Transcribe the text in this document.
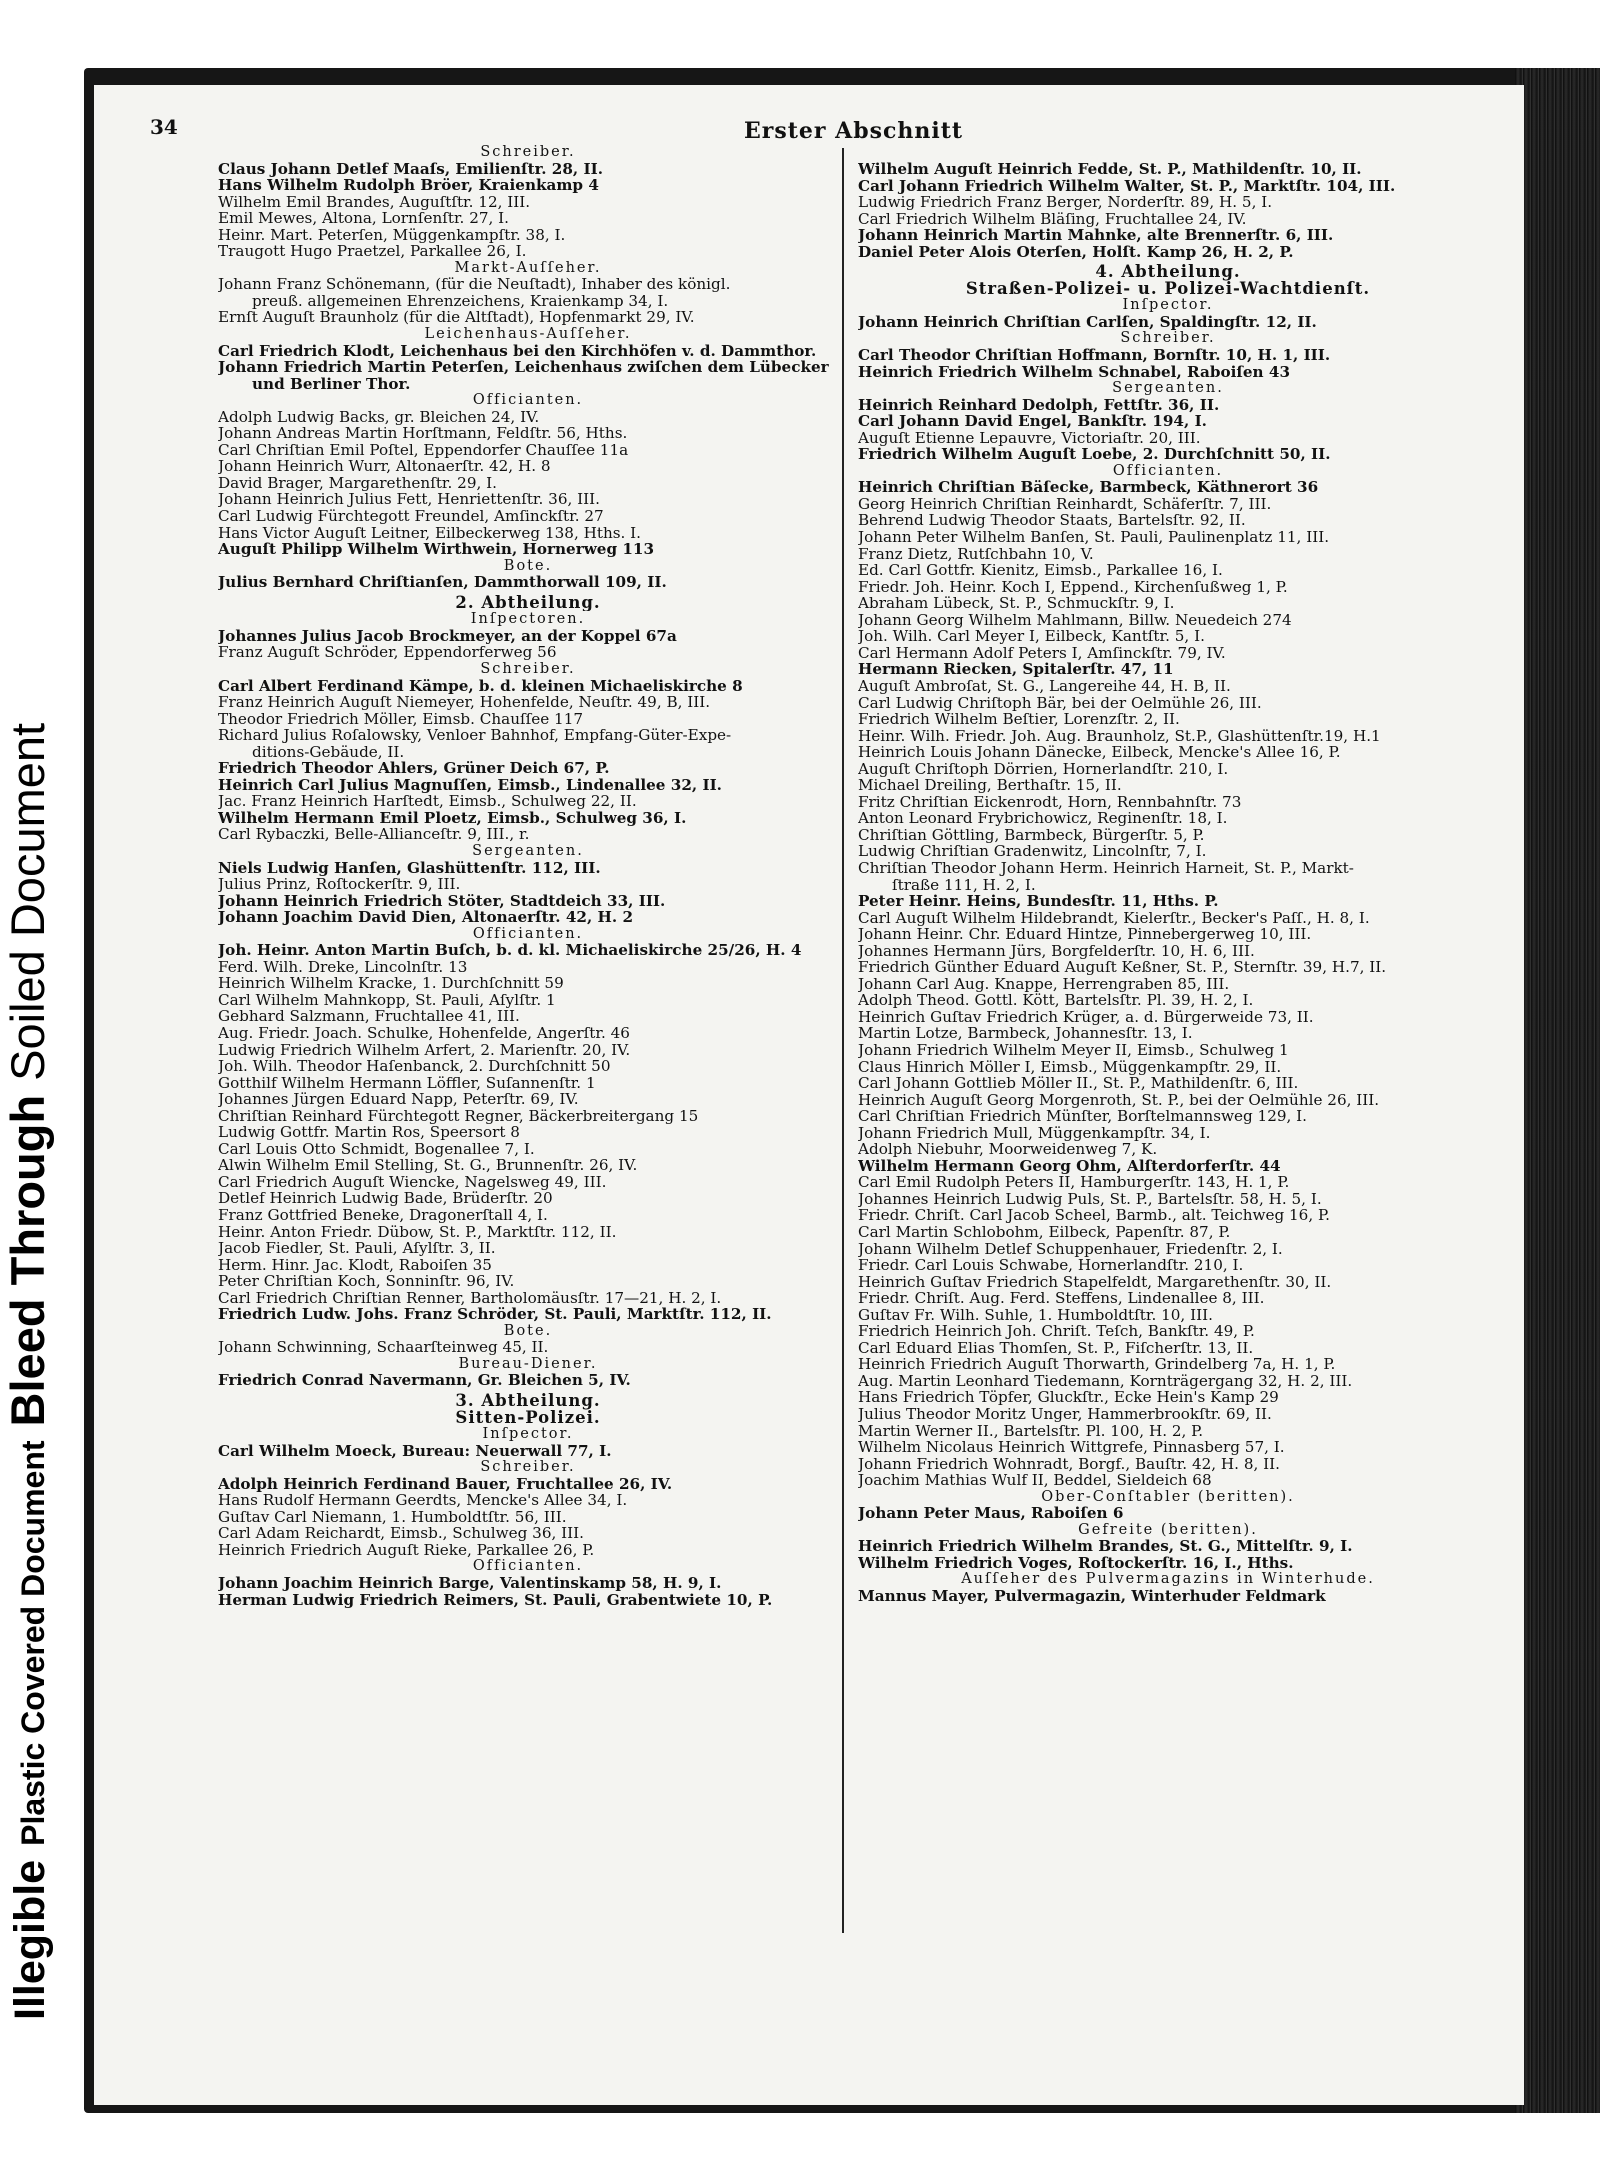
IllegiblePlastic Covered DocumentBleed ThroughSoiled Document
34	Erster Abschnitt
Schreiber.
Claus Johann Detlef Maaſs, Emilienſtr. 28, II.
Hans Wilhelm Rudolph Bröer, Kraienkamp 4
Wilhelm Emil Brandes, Auguſtſtr. 12, III.
Emil Mewes, Altona, Lornſenſtr. 27, I.
Heinr. Mart. Peterſen, Müggenkampſtr. 38, I.
Traugott Hugo Praetzel, Parkallee 26, I.
Markt-Auſſeher.
Johann Franz Schönemann, (für die Neuſtadt), Inhaber des königl.
preuß. allgemeinen Ehrenzeichens, Kraienkamp 34, I.
Ernſt Auguſt Braunholz (für die Altſtadt), Hopfenmarkt 29, IV.
Leichenhaus-Auſſeher.
Carl Friedrich Klodt, Leichenhaus bei den Kirchhöfen v. d. Dammthor.
Johann Friedrich Martin Peterſen, Leichenhaus zwiſchen dem Lübecker
und Berliner Thor.
Officianten.
Adolph Ludwig Backs, gr. Bleichen 24, IV.
Johann Andreas Martin Horſtmann, Feldſtr. 56, Hths.
Carl Chriſtian Emil Poſtel, Eppendorfer Chauſſee 11a
Johann Heinrich Wurr, Altonaerſtr. 42, H. 8
David Brager, Margarethenſtr. 29, I.
Johann Heinrich Julius Fett, Henriettenſtr. 36, III.
Carl Ludwig Fürchtegott Freundel, Amſinckſtr. 27
Hans Victor Auguſt Leitner, Eilbeckerweg 138, Hths. I.
Auguſt Philipp Wilhelm Wirthwein, Hornerweg 113
Bote.
Julius Bernhard Chriſtianſen, Dammthorwall 109, II.
2. Abtheilung.
Inſpectoren.
Johannes Julius Jacob Brockmeyer, an der Koppel 67a
Franz Auguſt Schröder, Eppendorferweg 56
Schreiber.
Carl Albert Ferdinand Kämpe, b. d. kleinen Michaeliskirche 8
Franz Heinrich Auguſt Niemeyer, Hohenfelde, Neuſtr. 49, B, III.
Theodor Friedrich Möller, Eimsb. Chauſſee 117
Richard Julius Roſalowsky, Venloer Bahnhof, Empfang-Güter-Expe-
ditions-Gebäude, II.
Friedrich Theodor Ahlers, Grüner Deich 67, P.
Heinrich Carl Julius Magnuſſen, Eimsb., Lindenallee 32, II.
Jac. Franz Heinrich Harſtedt, Eimsb., Schulweg 22, II.
Wilhelm Hermann Emil Ploetz, Eimsb., Schulweg 36, I.
Carl Rybaczki, Belle-Allianceſtr. 9, III., r.
Sergeanten.
Niels Ludwig Hanſen, Glashüttenſtr. 112, III.
Julius Prinz, Roſtockerſtr. 9, III.
Johann Heinrich Friedrich Stöter, Stadtdeich 33, III.
Johann Joachim David Dien, Altonaerſtr. 42, H. 2
Officianten.
Joh. Heinr. Anton Martin Buſch, b. d. kl. Michaeliskirche 25/26, H. 4
Ferd. Wilh. Dreke, Lincolnſtr. 13
Heinrich Wilhelm Kracke, 1. Durchſchnitt 59
Carl Wilhelm Mahnkopp, St. Pauli, Aſylſtr. 1
Gebhard Salzmann, Fruchtallee 41, III.
Aug. Friedr. Joach. Schulke, Hohenfelde, Angerſtr. 46
Ludwig Friedrich Wilhelm Arfert, 2. Marienſtr. 20, IV.
Joh. Wilh. Theodor Haſenbanck, 2. Durchſchnitt 50
Gotthilf Wilhelm Hermann Löffler, Suſannenſtr. 1
Johannes Jürgen Eduard Napp, Peterſtr. 69, IV.
Chriſtian Reinhard Fürchtegott Regner, Bäckerbreitergang 15
Ludwig Gottfr. Martin Ros, Speersort 8
Carl Louis Otto Schmidt, Bogenallee 7, I.
Alwin Wilhelm Emil Stelling, St. G., Brunnenſtr. 26, IV.
Carl Friedrich Auguſt Wiencke, Nagelsweg 49, III.
Detlef Heinrich Ludwig Bade, Brüderſtr. 20
Franz Gottfried Beneke, Dragonerſtall 4, I.
Heinr. Anton Friedr. Dübow, St. P., Marktſtr. 112, II.
Jacob Fiedler, St. Pauli, Aſylſtr. 3, II.
Herm. Hinr. Jac. Klodt, Raboiſen 35
Peter Chriſtian Koch, Sonninſtr. 96, IV.
Carl Friedrich Chriſtian Renner, Bartholomäusſtr. 17—21, H. 2, I.
Friedrich Ludw. Johs. Franz Schröder, St. Pauli, Marktſtr. 112, II.
Bote.
Johann Schwinning, Schaarſteinweg 45, II.
Bureau-Diener.
Friedrich Conrad Navermann, Gr. Bleichen 5, IV.
3. Abtheilung.
Sitten-Polizei.
Inſpector.
Carl Wilhelm Moeck, Bureau: Neuerwall 77, I.
Schreiber.
Adolph Heinrich Ferdinand Bauer, Fruchtallee 26, IV.
Hans Rudolf Hermann Geerdts, Mencke's Allee 34, I.
Guſtav Carl Niemann, 1. Humboldtſtr. 56, III.
Carl Adam Reichardt, Eimsb., Schulweg 36, III.
Heinrich Friedrich Auguſt Rieke, Parkallee 26, P.
Officianten.
Johann Joachim Heinrich Barge, Valentinskamp 58, H. 9, I.
Herman Ludwig Friedrich Reimers, St. Pauli, Grabentwiete 10, P.
Wilhelm Auguſt Heinrich Fedde, St. P., Mathildenſtr. 10, II.
Carl Johann Friedrich Wilhelm Walter, St. P., Marktſtr. 104, III.
Ludwig Friedrich Franz Berger, Norderſtr. 89, H. 5, I.
Carl Friedrich Wilhelm Bläſing, Fruchtallee 24, IV.
Johann Heinrich Martin Mahnke, alte Brennerſtr. 6, III.
Daniel Peter Alois Oterſen, Holſt. Kamp 26, H. 2, P.
4. Abtheilung.
Straßen-Polizei- u. Polizei-Wachtdienſt.
Inſpector.
Johann Heinrich Chriſtian Carlſen, Spaldingſtr. 12, II.
Schreiber.
Carl Theodor Chriſtian Hoffmann, Bornſtr. 10, H. 1, III.
Heinrich Friedrich Wilhelm Schnabel, Raboiſen 43
Sergeanten.
Heinrich Reinhard Dedolph, Fettſtr. 36, II.
Carl Johann David Engel, Bankſtr. 194, I.
Auguſt Etienne Lepauvre, Victoriaſtr. 20, III.
Friedrich Wilhelm Auguſt Loebe, 2. Durchſchnitt 50, II.
Officianten.
Heinrich Chriſtian Bäſecke, Barmbeck, Käthnerort 36
Georg Heinrich Chriſtian Reinhardt, Schäferſtr. 7, III.
Behrend Ludwig Theodor Staats, Bartelsſtr. 92, II.
Johann Peter Wilhelm Banſen, St. Pauli, Paulinenplatz 11, III.
Franz Dietz, Rutſchbahn 10, V.
Ed. Carl Gottfr. Kienitz, Eimsb., Parkallee 16, I.
Friedr. Joh. Heinr. Koch I, Eppend., Kirchenſußweg 1, P.
Abraham Lübeck, St. P., Schmuckſtr. 9, I.
Johann Georg Wilhelm Mahlmann, Billw. Neuedeich 274
Joh. Wilh. Carl Meyer I, Eilbeck, Kantſtr. 5, I.
Carl Hermann Adolf Peters I, Amſinckſtr. 79, IV.
Hermann Riecken, Spitalerſtr. 47, 11
Auguſt Ambroſat, St. G., Langereihe 44, H. B, II.
Carl Ludwig Chriſtoph Bär, bei der Oelmühle 26, III.
Friedrich Wilhelm Beſtier, Lorenzſtr. 2, II.
Heinr. Wilh. Friedr. Joh. Aug. Braunholz, St.P., Glashüttenſtr.19, H.1
Heinrich Louis Johann Dänecke, Eilbeck, Mencke's Allee 16, P.
Auguſt Chriſtoph Dörrien, Hornerlandſtr. 210, I.
Michael Dreiling, Berthaſtr. 15, II.
Fritz Chriſtian Eickenrodt, Horn, Rennbahnſtr. 73
Anton Leonard Frybrichowicz, Reginenſtr. 18, I.
Chriſtian Göttling, Barmbeck, Bürgerſtr. 5, P.
Ludwig Chriſtian Gradenwitz, Lincolnſtr, 7, I.
Chriſtian Theodor Johann Herm. Heinrich Harneit, St. P., Markt-
ſtraße 111, H. 2, I.
Peter Heinr. Heins, Bundesſtr. 11, Hths. P.
Carl Auguſt Wilhelm Hildebrandt, Kielerſtr., Becker's Paſſ., H. 8, I.
Johann Heinr. Chr. Eduard Hintze, Pinnebergerweg 10, III.
Johannes Hermann Jürs, Borgfelderſtr. 10, H. 6, III.
Friedrich Günther Eduard Auguſt Keßner, St. P., Sternſtr. 39, H.7, II.
Johann Carl Aug. Knappe, Herrengraben 85, III.
Adolph Theod. Gottl. Kött, Bartelsſtr. Pl. 39, H. 2, I.
Heinrich Guſtav Friedrich Krüger, a. d. Bürgerweide 73, II.
Martin Lotze, Barmbeck, Johannesſtr. 13, I.
Johann Friedrich Wilhelm Meyer II, Eimsb., Schulweg 1
Claus Hinrich Möller I, Eimsb., Müggenkampſtr. 29, II.
Carl Johann Gottlieb Möller II., St. P., Mathildenſtr. 6, III.
Heinrich Auguſt Georg Morgenroth, St. P., bei der Oelmühle 26, III.
Carl Chriſtian Friedrich Münſter, Borſtelmannsweg 129, I.
Johann Friedrich Mull, Müggenkampſtr. 34, I.
Adolph Niebuhr, Moorweidenweg 7, K.
Wilhelm Hermann Georg Ohm, Alſterdorferſtr. 44
Carl Emil Rudolph Peters II, Hamburgerſtr. 143, H. 1, P.
Johannes Heinrich Ludwig Puls, St. P., Bartelsſtr. 58, H. 5, I.
Friedr. Chriſt. Carl Jacob Scheel, Barmb., alt. Teichweg 16, P.
Carl Martin Schlobohm, Eilbeck, Papenſtr. 87, P.
Johann Wilhelm Detlef Schuppenhauer, Friedenſtr. 2, I.
Friedr. Carl Louis Schwabe, Hornerlandſtr. 210, I.
Heinrich Guſtav Friedrich Stapelfeldt, Margarethenſtr. 30, II.
Friedr. Chriſt. Aug. Ferd. Steffens, Lindenallee 8, III.
Guſtav Fr. Wilh. Suhle, 1. Humboldtſtr. 10, III.
Friedrich Heinrich Joh. Chriſt. Teſch, Bankſtr. 49, P.
Carl Eduard Elias Thomſen, St. P., Fiſcherſtr. 13, II.
Heinrich Friedrich Auguſt Thorwarth, Grindelberg 7a, H. 1, P.
Aug. Martin Leonhard Tiedemann, Kornträgergang 32, H. 2, III.
Hans Friedrich Töpfer, Gluckſtr., Ecke Hein's Kamp 29
Julius Theodor Moritz Unger, Hammerbrookſtr. 69, II.
Martin Werner II., Bartelsſtr. Pl. 100, H. 2, P.
Wilhelm Nicolaus Heinrich Wittgrefe, Pinnasberg 57, I.
Johann Friedrich Wohnradt, Borgf., Bauſtr. 42, H. 8, II.
Joachim Mathias Wulf II, Beddel, Sieldeich 68
Ober-Conſtabler (beritten).
Johann Peter Maus, Raboiſen 6
Gefreite (beritten).
Heinrich Friedrich Wilhelm Brandes, St. G., Mittelſtr. 9, I.
Wilhelm Friedrich Voges, Roſtockerſtr. 16, I., Hths.
Auſſeher des Pulvermagazins in Winterhude.
Mannus Mayer, Pulvermagazin, Winterhuder Feldmark
